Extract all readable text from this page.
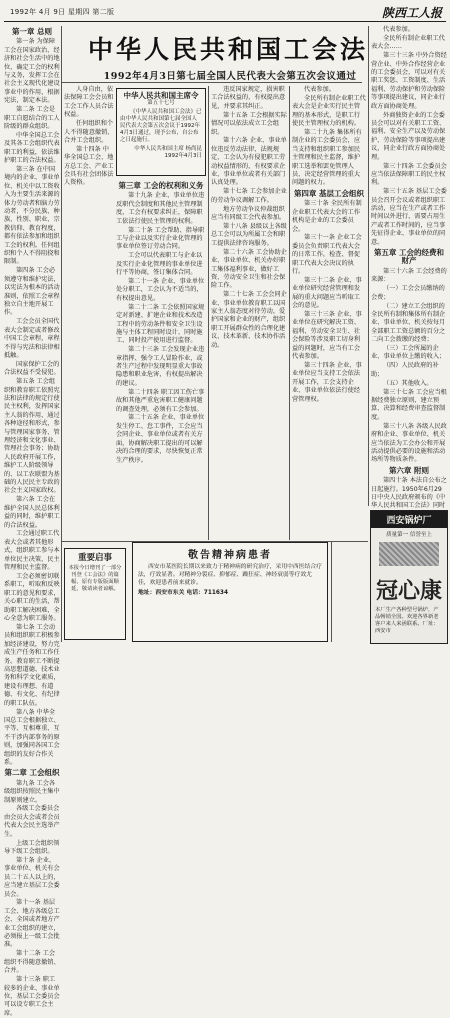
1992年 4月 9日 星期四 第二版	陕西工人报
中华人民共和国工会法
1992年4月3日第七届全国人民代表大会第五次会议通过
第一章 总则

第一条 为保障工会在国家政治、经济和社会生活中的地位，确定工会的权利与义务，发挥工会在社会主义现代化建设事业中的作用，根据宪法，制定本法。

第二条 工会是职工自愿结合的工人阶级的群众组织。

中华全国总工会及其各工会组织代表职工的利益，依法维护职工的合法权益。

第三条 在中国境内的企业、事业单位、机关中以工资收入为主要生活来源的体力劳动者和脑力劳动者，不分民族、种族、性别、职业、宗教信仰、教育程度，都有依法参加和组织工会的权利。任何组织和个人不得阻挠和限制。

第四条 工会必须遵守和维护宪法，以宪法为根本的活动准则，依照工会章程独立自主地开展工作。

工会会员全国代表大会制定或者修改中国工会章程，章程不得与宪法和法律相抵触。

国家保护工会的合法权益不受侵犯。

第五条 工会组织和教育职工依照宪法和法律的规定行使民主权利，发挥国家主人翁的作用，通过各种途径和形式，参与管理国家事务、管理经济和文化事业、管理社会事务；协助人民政府开展工作，维护工人阶级领导的、以工农联盟为基础的人民民主专政的社会主义国家政权。

第六条 工会在维护全国人民总体利益的同时，维护职工的合法权益。

工会通过职工代表大会或者其他形式，组织职工参与本单位民主决策、民主管理和民主监督。

工会必须密切联系职工，听取和反映职工的意见和要求，关心职工的生活，帮助职工解决困难，全心全意为职工服务。

第七条 工会动员和组织职工积极参加经济建设，努力完成生产任务和工作任务。教育职工不断提高思想道德、技术业务和科学文化素质，建设有理想、有道德、有文化、有纪律的职工队伍。

第八条 中华全国总工会根据独立、平等、互相尊重、互不干涉内部事务的原则，加强同各国工会组织的友好合作关系。

第二章 工会组织

第九条 工会各级组织按照民主集中制原则建立。

各级工会委员会由会员大会或者会员代表大会民主选举产生。

上级工会组织领导下级工会组织。

第十条 企业、事业单位、机关有会员二十五人以上的，应当建立基层工会委员会。

第十一条 基层工会、地方各级总工会、全国或者地方产业工会组织的建立，必须报上一级工会批准。

第十二条 工会组织不得随意撤销、合并。

第十三条 职工较多的企业、事业单位，基层工会委员会可以设专职工会主席。

人身自由，依法保障工会会员和工会工作人员合法权益。

任何组织和个人不得随意撤销、合并工会组织。

第十四条 中华全国总工会、地方总工会、产业工会具有社会团体法人资格。

中华人民共和国主席令
第五十七号
《中华人民共和国工会法》已由中华人民共和国第七届全国人民代表大会第五次会议于1992年4月3日通过，现予公布，自公布之日起施行。
中华人民共和国主席 杨尚昆
1992年4月3日
第三章 工会的权利和义务

第十九条 企业、事业单位违反职代会制度和其他民主管理制度，工会有权要求纠正，保障职工依法行使民主管理的权利。

第二十条 工会帮助、指导职工与企业以及实行企业化管理的事业单位签订劳动合同。

工会可以代表职工与企业以及实行企业化管理的事业单位进行平等协商，签订集体合同。

第二十一条 企业、事业单位处分职工，工会认为不适当的，有权提出意见。

第二十二条 工会依照国家规定对新建、扩建企业和技术改造工程中的劳动条件和安全卫生设施与主体工程同时设计、同时施工、同时投产使用进行监督。

第二十三条 工会发现企业违章指挥、强令工人冒险作业，或者生产过程中发现明显重大事故隐患和职业危害，有权提出解决的建议。

第二十四条 职工因工伤亡事故和其他严重危害职工健康问题的调查处理，必须有工会参加。

第二十五条 企业、事业单位发生停工、怠工事件，工会应当会同企业、事业单位或者有关方面，协商解决职工提出的可以解决的合理的要求，尽快恢复正常生产秩序。

违反国家规定，损害职工合法权益的，有权提出意见，并要求其纠正。

第十五条 工会根据实际情况可以依法成立工会组织。

第十六条 企业、事业单位违反劳动法律、法规规定，工会认为有侵犯职工劳动权益情形的，有权要求企业、事业单位或者有关部门认真处理。

第十七条 工会参加企业的劳动争议调解工作。

地方劳动争议仲裁组织应当有同级工会代表参加。

第十八条 县级以上各级总工会可以为所属工会和职工提供法律咨询服务。

第二十六条 工会协助企业、事业单位、机关办好职工集体福利事业，做好工资、劳动安全卫生和社会保险工作。

第二十七条 工会会同企业、事业单位教育职工以国家主人翁态度对待劳动，爱护国家和企业的财产，组织职工开展群众性的合理化建议、技术革新、技术协作活动。

代表参加。

全民所有制企业职工代表大会是企业实行民主管理的基本形式，是职工行使民主管理权力的机构。

第二十九条 集体所有制企业的工会委员会，应当支持和组织职工参加民主管理和民主监督，维护职工选举和罢免管理人员、决定经营管理的重大问题的权力。

第四章 基层工会组织

第三十条 全民所有制企业职工代表大会的工作机构是企业的工会委员会。

第三十一条 企业工会委员会负责职工代表大会的日常工作，检查、督促职工代表大会决议的执行。

第三十二条 企业、事业单位研究经营管理和发展的重大问题应当听取工会的意见。

第三十三条 企业、事业单位在研究解决工资、福利、劳动安全卫生、社会保险等涉及职工切身利益的问题时，应当有工会代表参加。

第三十四条 企业、事业单位应当支持工会依法开展工作，工会支持企业、事业单位依法行使经营管理权。

代表参加。

全民所有制企业职工代表大会……

第三十三条 中外合资经营企业、中外合作经营企业的工会委员会，可以对有关职工奖惩、工资制度、生活福利、劳动保护和劳动保险等事项提出建议，同企业行政方面协商处理。

外商独资企业的工会委员会可以对有关职工工资、福利、安全生产以及劳动保护、劳动保险等事项提出建议，同企业行政方面协商处理。

第三十四条 工会委员会应当依法保障职工的民主权利。

第三十五条 基层工会委员会召开会议或者组织职工活动，应当在生产或者工作时间以外进行，需要占用生产或者工作时间的，应当事先征得企业、事业单位的同意。

第五章 工会的经费和财产

第三十六条 工会经费的来源：

（一）工会会员缴纳的会费；

（二）建立工会组织的全民所有制和集体所有制企业、事业单位、机关按每月全部职工工资总额的百分之二向工会拨缴的经费；

（三）工会所属的企业、事业单位上缴的收入；

（四）人民政府的补助；

（五）其他收入。

第三十七条 工会应当根据经费独立原则，建立预算、决算和经费审查监督制度。

第三十八条 各级人民政府和企业、事业单位、机关应当依法为工会办公和开展活动提供必要的设施和活动场所等物质条件。

第六章 附则

第四十条 本法自公布之日起施行。1950年6月29日中央人民政府颁布的《中华人民共和国工会法》同时

重要启事
本报今日增刊了一部分刊登《工会法》的篇幅，原有专版版面顺延，敬请读者谅解。
敬告精神病患者

西安市某医院长期以来致力于精神病的研究治疗，采用中西医结合疗法，疗效显著。对精神分裂症、抑郁症、躁狂症、神经衰弱等疗效尤佳，欢迎患者前来就诊。

地址：西安市东关 电话：711634
西安锅炉厂
质量第一 信誉至上
冠心康
本厂生产各种型号锅炉，产品畅销全国。欢迎各界新老客户来人来函联系。厂址：西安市
